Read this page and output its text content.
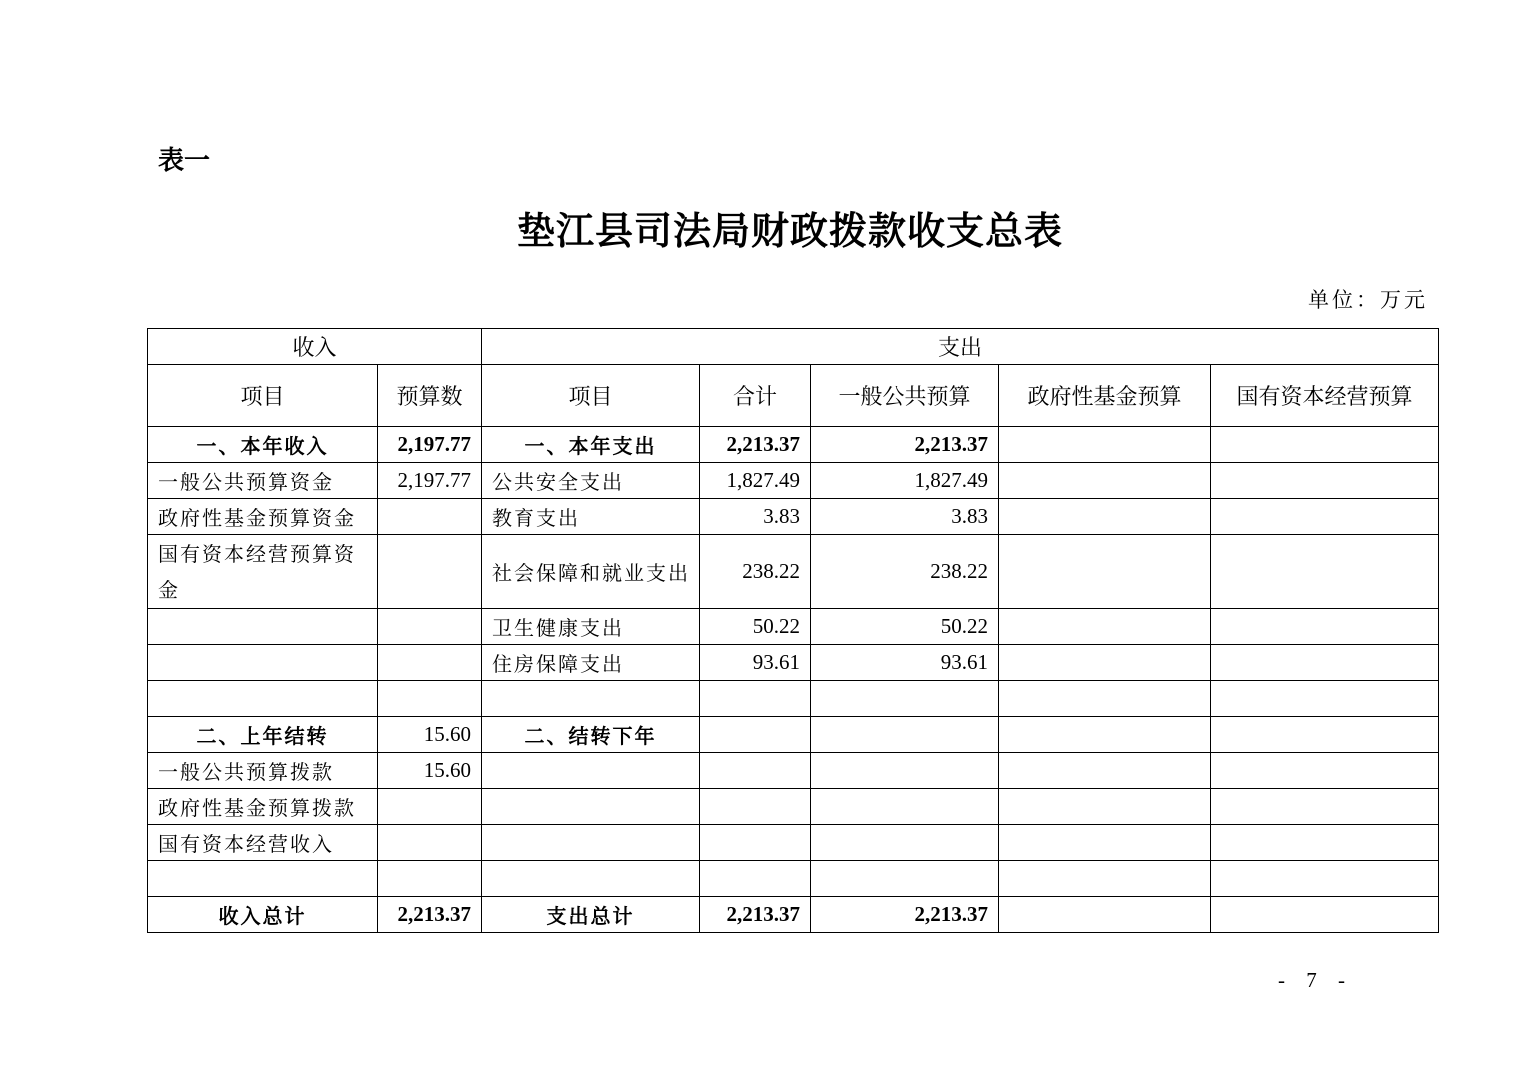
表一
垫江县司法局财政拨款收支总表
单位：万元
收入		支出				
项目	预算数	项目	合计	一般公共预算	政府性基金预算	国有资本经营预算
一、本年收入	2,197.77	一、本年支出	2,213.37	2,213.37		
一般公共预算资金	2,197.77	公共安全支出	1,827.49	1,827.49		
政府性基金预算资金		教育支出	3.83	3.83		
国有资本经营预算资金		社会保障和就业支出	238.22	238.22		
		卫生健康支出	50.22	50.22		
		住房保障支出	93.61	93.61		

二、上年结转	15.60	二、结转下年				
一般公共预算拨款	15.60					
政府性基金预算拨款						
国有资本经营收入						

收入总计	2,213.37	支出总计	2,213.37	2,213.37		
- 7 -
